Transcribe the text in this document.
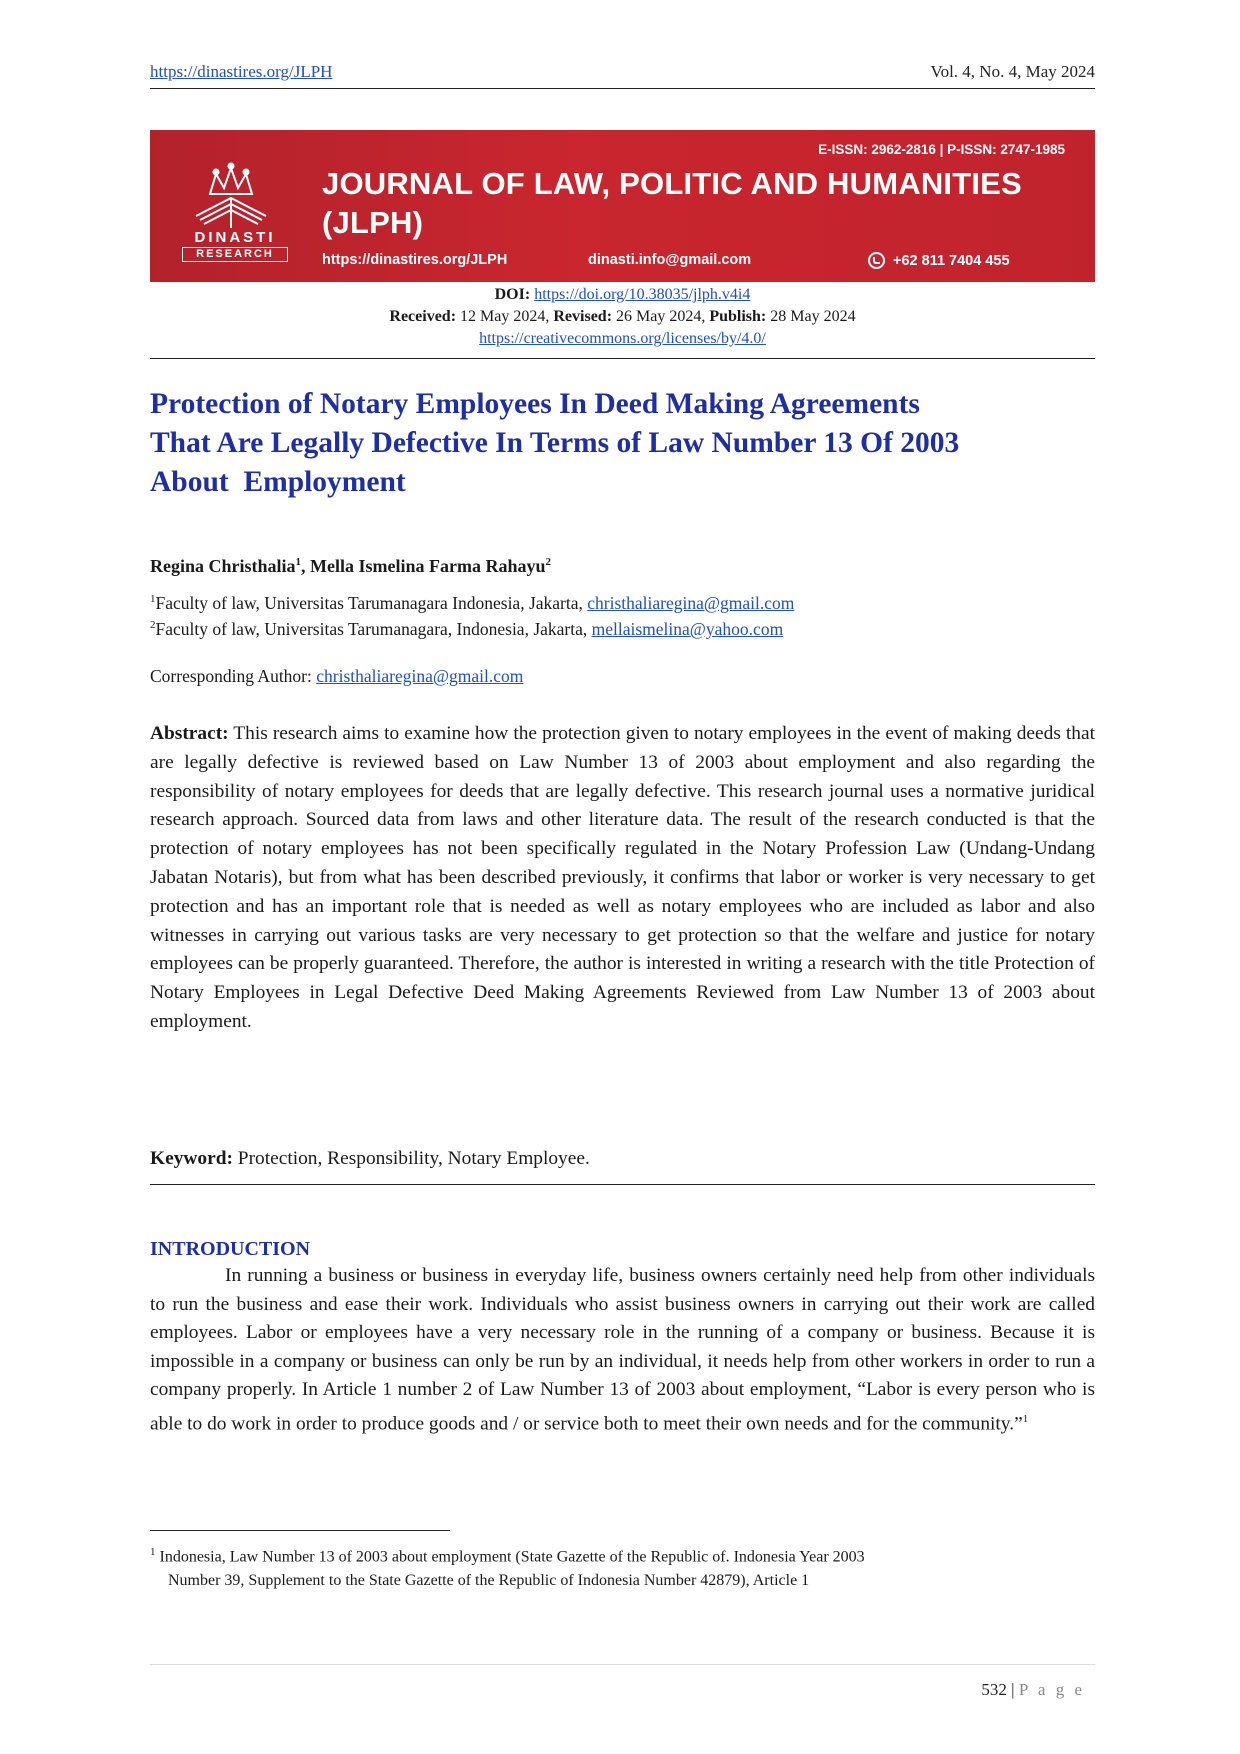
https://dinastires.org/JLPH	Vol. 4, No. 4, May 2024
DINASTI
RESEARCH
E-ISSN: 2962-2816 | P-ISSN: 2747-1985
JOURNAL OF LAW, POLITIC AND HUMANITIES
(JLPH)
https://dinastires.org/JLPH	dinasti.info@gmail.com	+62 811 7404 455
DOI: https://doi.org/10.38035/jlph.v4i4
Received: 12 May 2024, Revised: 26 May 2024, Publish: 28 May 2024
https://creativecommons.org/licenses/by/4.0/
Protection of Notary Employees In Deed Making Agreements
That Are Legally Defective In Terms of Law Number 13 Of 2003
About  Employment
Regina Christhalia$^1$, Mella Ismelina Farma Rahayu$^2$
$^1$Faculty of law, Universitas Tarumanagara Indonesia, Jakarta, christhaliaregina@gmail.com
$^2$Faculty of law, Universitas Tarumanagara, Indonesia, Jakarta, mellaismelina@yahoo.com
Corresponding Author: christhaliaregina@gmail.com

Abstract: This research aims to examine how the protection given to notary employees in the event of making deeds that are legally defective is reviewed based on Law Number 13 of 2003 about employment and also regarding the responsibility of notary employees for deeds that are legally defective. This research journal uses a normative juridical research approach. Sourced data from laws and other literature data. The result of the research conducted is that the protection of notary employees has not been specifically regulated in the Notary Profession Law (Undang-Undang Jabatan Notaris), but from what has been described previously, it confirms that labor or worker is very necessary to get protection and has an important role that is needed as well as notary employees who are included as labor and also witnesses in carrying out various tasks are very necessary to get protection so that the welfare and justice for notary employees can be properly guaranteed. Therefore, the author is interested in writing a research with the title Protection of Notary Employees in Legal Defective Deed Making Agreements Reviewed from Law Number 13 of 2003 about employment.

Keyword: Protection, Responsibility, Notary Employee.
INTRODUCTION

In running a business or business in everyday life, business owners certainly need help from other individuals to run the business and ease their work. Individuals who assist business owners in carrying out their work are called employees. Labor or employees have a very necessary role in the running of a company or business. Because it is impossible in a company or business can only be run by an individual, it needs help from other workers in order to run a company properly. In Article 1 number 2 of Law Number 13 of 2003 about employment, “Labor is every person who is able to do work in order to produce goods and / or service both to meet their own needs and for the community.”$^1$

$^1$ Indonesia, Law Number 13 of 2003 about employment (State Gazette of the Republic of. Indonesia Year 2003
Number 39, Supplement to the State Gazette of the Republic of Indonesia Number 42879), Article 1
532 | P a g e
